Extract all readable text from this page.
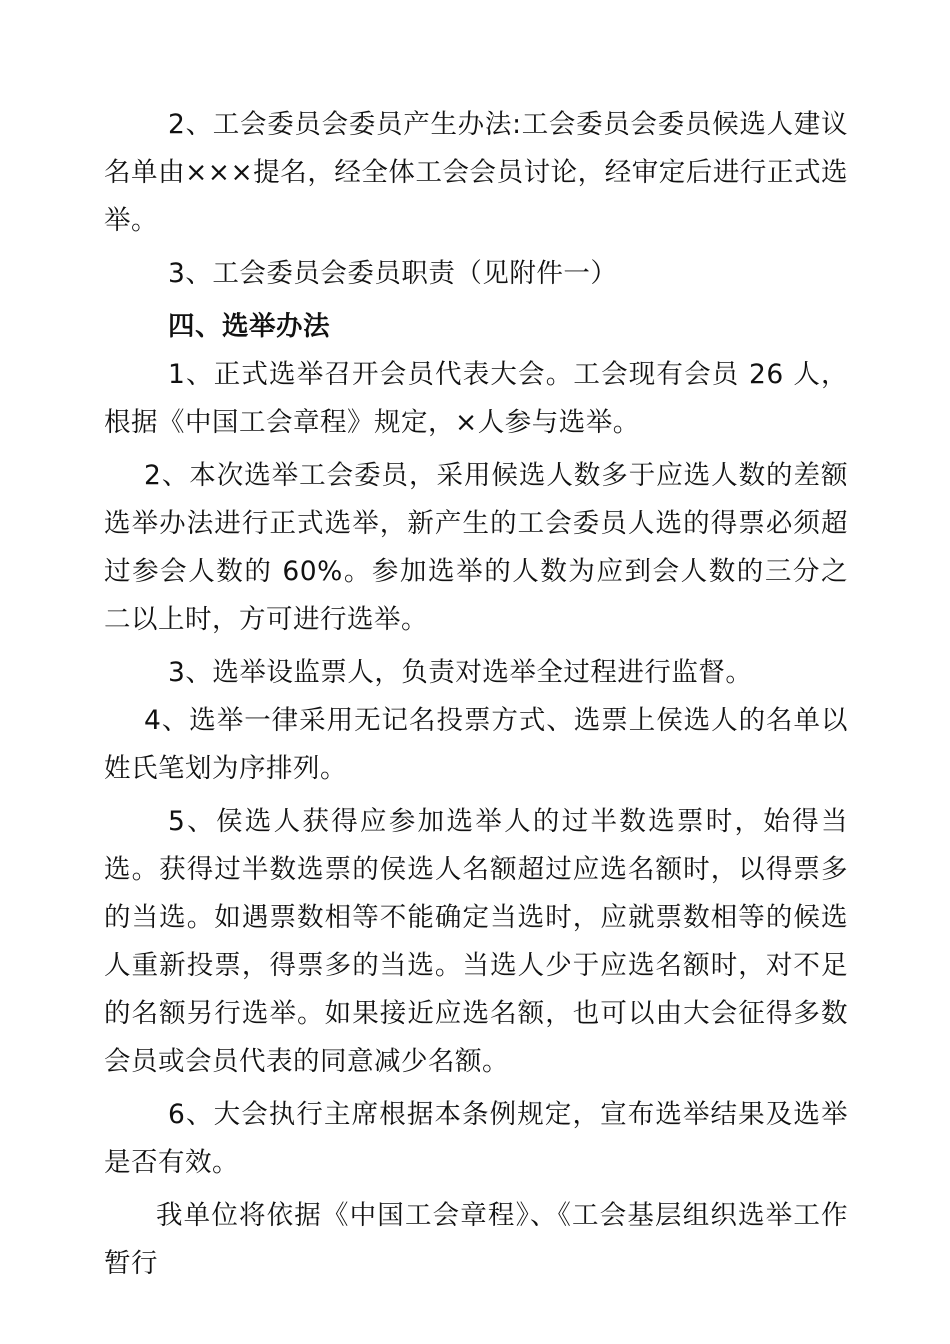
2、工会委员会委员产生办法:工会委员会委员候选人建议名单由×××提名，经全体工会会员讨论，经审定后进行正式选举。

3、工会委员会委员职责（见附件一）

四、选举办法

1、正式选举召开会员代表大会。工会现有会员 26 人，根据《中国工会章程》规定，×人参与选举。

2、本次选举工会委员，采用候选人数多于应选人数的差额选举办法进行正式选举，新产生的工会委员人选的得票必须超过参会人数的 60%。参加选举的人数为应到会人数的三分之二以上时，方可进行选举。

3、选举设监票人，负责对选举全过程进行监督。

4、选举一律采用无记名投票方式、选票上侯选人的名单以姓氏笔划为序排列。

5、侯选人获得应参加选举人的过半数选票时，始得当选。获得过半数选票的侯选人名额超过应选名额时，以得票多的当选。如遇票数相等不能确定当选时，应就票数相等的候选人重新投票，得票多的当选。当选人少于应选名额时，对不足的名额另行选举。如果接近应选名额，也可以由大会征得多数会员或会员代表的同意减少名额。

6、大会执行主席根据本条例规定，宣布选举结果及选举是否有效。

我单位将依据《中国工会章程》、《工会基层组织选举工作暂行
